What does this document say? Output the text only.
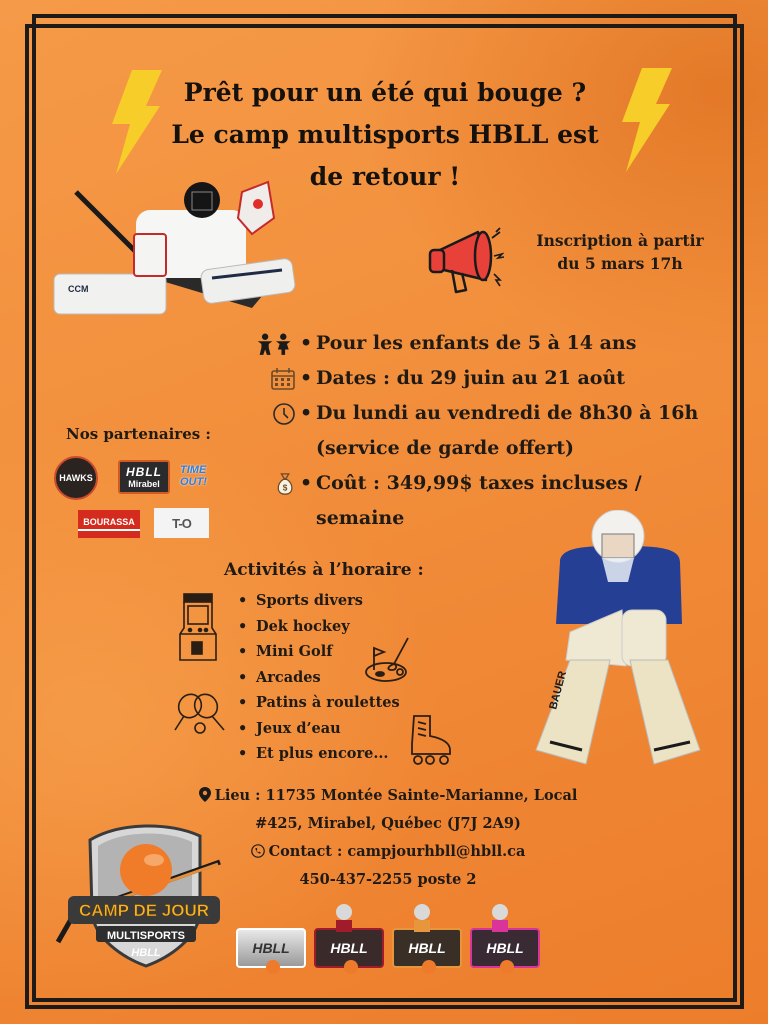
Prêt pour un été qui bouge ?
Le camp multisports HBLL est
de retour !
CCM
Inscription à partir
du 5 mars 17h
• Pour les enfants de 5 à 14 ans
• Dates : du 29 juin au 21 août
• Du lundi au vendredi de 8h30 à 16h (service de garde offert)
$ • Coût : 349,99$ taxes incluses / semaine
Nos partenaires :
HAWKS	HBLL
Mirabel
TIME OUT!
BOURASSA	T-O
Activités à l’horaire :
• Sports divers
• Dek hockey
• Mini Golf
• Arcades
• Patins à roulettes
• Jeux d’eau
• Et plus encore...
BAUER
Lieu : 11735 Montée Sainte-Marianne, Local
#425, Mirabel, Québec (J7J 2A9)
Contact : campjourhbll@hbll.ca
450-437-2255 poste 2
CAMP DE JOUR
MULTISPORTS
HBLL	HBLL	HBLL	HBLL	HBLL
